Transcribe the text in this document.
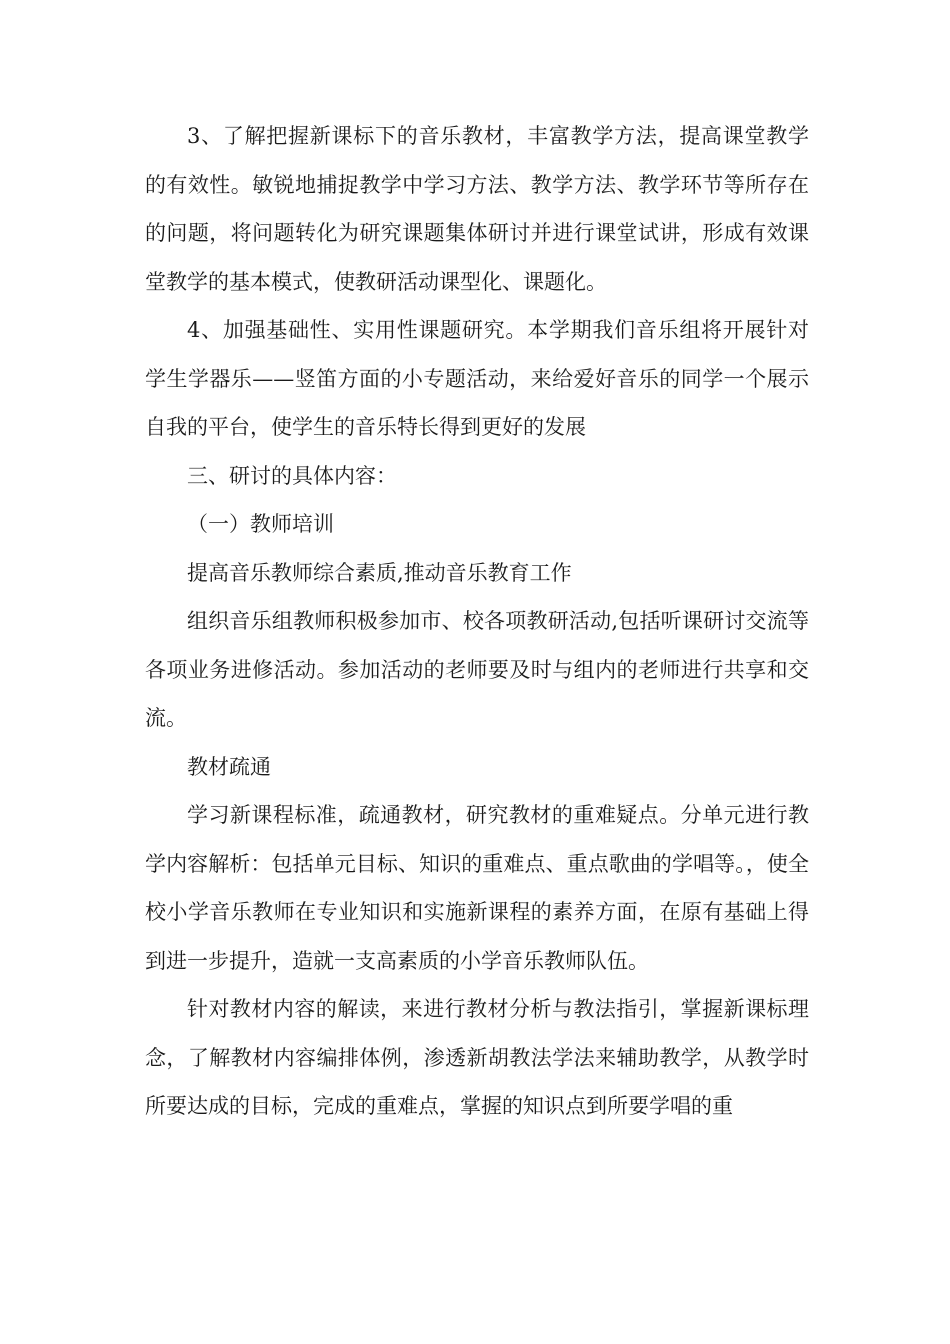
3、了解把握新课标下的音乐教材，丰富教学方法，提高课堂教学的有效性。敏锐地捕捉教学中学习方法、教学方法、教学环节等所存在的问题，将问题转化为研究课题集体研讨并进行课堂试讲，形成有效课堂教学的基本模式，使教研活动课型化、课题化。

4、加强基础性、实用性课题研究。本学期我们音乐组将开展针对学生学器乐——竖笛方面的小专题活动，来给爱好音乐的同学一个展示自我的平台，使学生的音乐特长得到更好的发展

三、研讨的具体内容：

（一）教师培训

提高音乐教师综合素质,推动音乐教育工作

组织音乐组教师积极参加市、校各项教研活动,包括听课研讨交流等各项业务进修活动。参加活动的老师要及时与组内的老师进行共享和交流。

教材疏通

学习新课程标准，疏通教材，研究教材的重难疑点。分单元进行教学内容解析：包括单元目标、知识的重难点、重点歌曲的学唱等。，使全校小学音乐教师在专业知识和实施新课程的素养方面，在原有基础上得到进一步提升，造就一支高素质的小学音乐教师队伍。

针对教材内容的解读，来进行教材分析与教法指引，掌握新课标理念，了解教材内容编排体例，渗透新胡教法学法来辅助教学，从教学时所要达成的目标，完成的重难点，掌握的知识点到所要学唱的重
